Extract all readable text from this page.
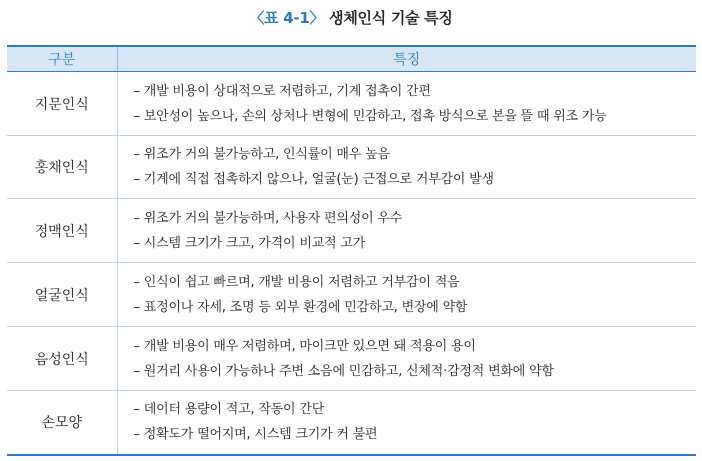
〈표 4-1〉 생체인식 기술 특징
구분	특징
지문인식	– 개발 비용이 상대적으로 저렴하고, 기계 접촉이 간편
– 보안성이 높으나, 손의 상처나 변형에 민감하고, 접촉 방식으로 본을 뜰 때 위조 가능

홍채인식	– 위조가 거의 불가능하고, 인식률이 매우 높음
– 기계에 직접 접촉하지 않으나, 얼굴(눈) 근접으로 거부감이 발생

정맥인식	– 위조가 거의 불가능하며, 사용자 편의성이 우수
– 시스템 크기가 크고, 가격이 비교적 고가

얼굴인식	– 인식이 쉽고 빠르며, 개발 비용이 저렴하고 거부감이 적음
– 표정이나 자세, 조명 등 외부 환경에 민감하고, 변장에 약함

음성인식	– 개발 비용이 매우 저렴하며, 마이크만 있으면 돼 적용이 용이
– 원거리 사용이 가능하나 주변 소음에 민감하고, 신체적·감정적 변화에 약함

손모양	– 데이터 용량이 적고, 작동이 간단
– 정확도가 떨어지며, 시스템 크기가 커 불편
